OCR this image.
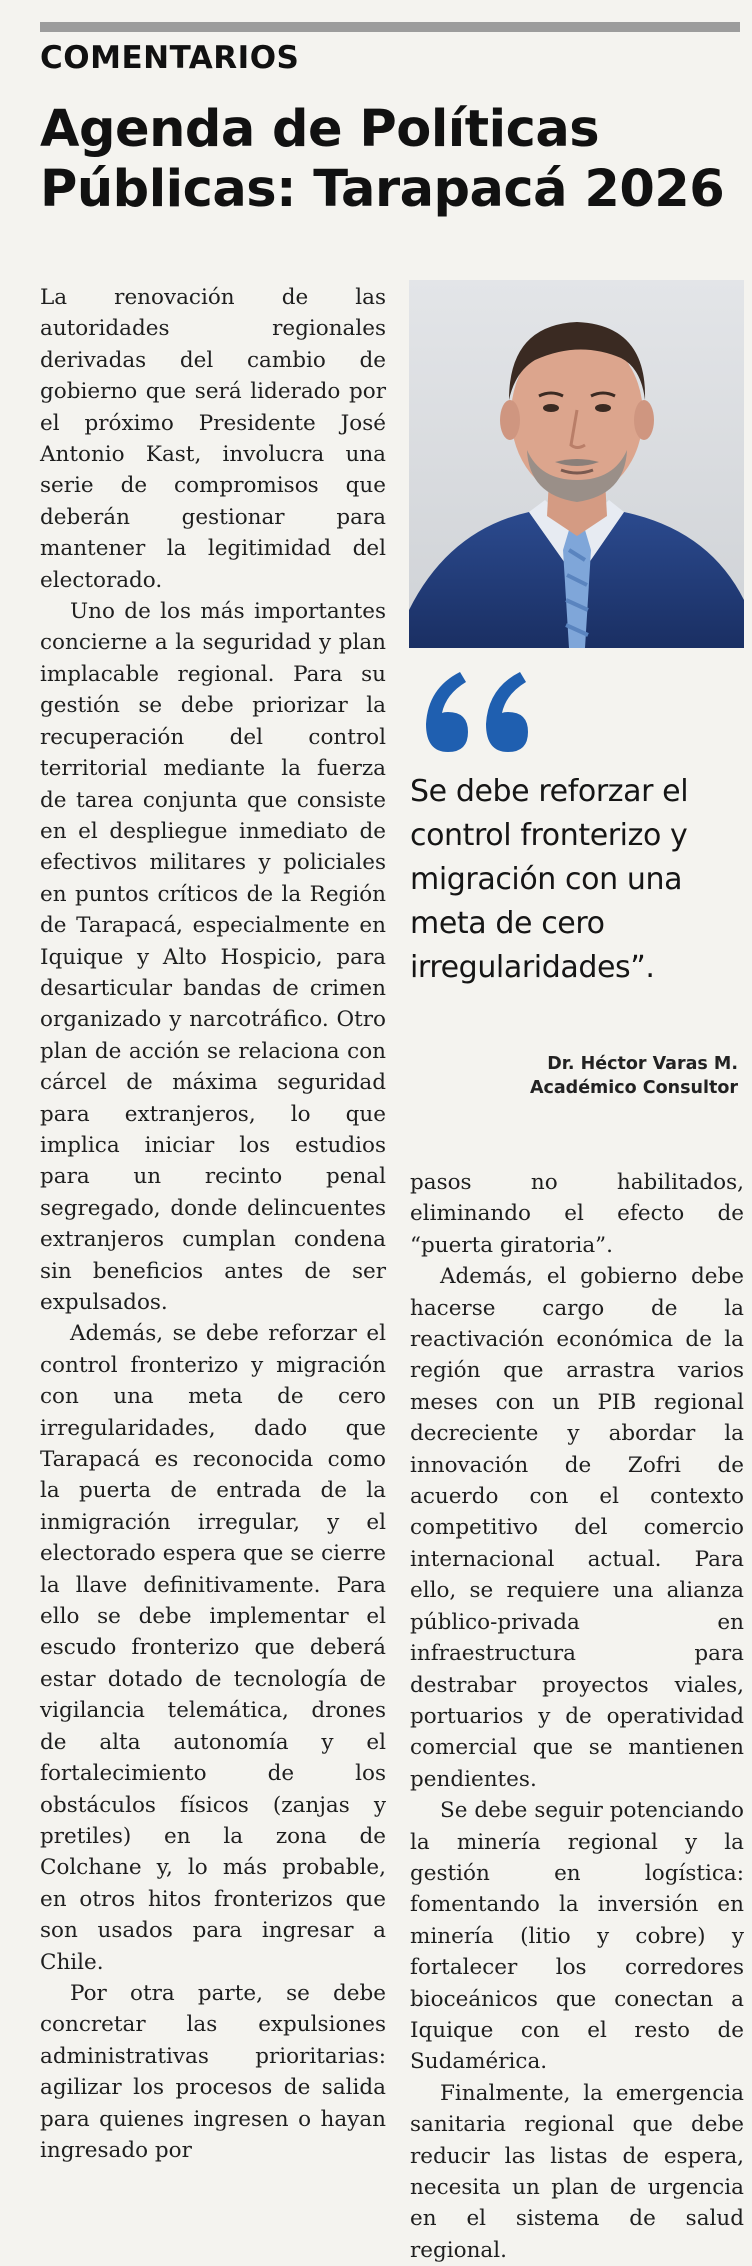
COMENTARIOS
Agenda de Políticas
Públicas: Tarapacá 2026

La renovación de las autoridades regionales derivadas del cambio de gobierno que será liderado por el próximo Presidente José Antonio Kast, involucra una serie de compromisos que deberán gestionar para mantener la legitimidad del electorado.

Uno de los más importantes concierne a la seguridad y plan implacable regional. Para su gestión se debe priorizar la recuperación del control territorial mediante la fuerza de tarea conjunta que consiste en el despliegue inmediato de efectivos militares y policiales en puntos críticos de la Región de Tarapacá, especialmente en Iquique y Alto Hospicio, para desarticular bandas de crimen organizado y narcotráfico. Otro plan de acción se relaciona con cárcel de máxima seguridad para extranjeros, lo que implica iniciar los estudios para un recinto penal segregado, donde delincuentes extranjeros cumplan condena sin beneficios antes de ser expulsados.

Además, se debe reforzar el control fronterizo y migración con una meta de cero irregularidades, dado que Tarapacá es reconocida como la puerta de entrada de la inmigración irregular, y el electorado espera que se cierre la llave definitivamente. Para ello se debe implementar el escudo fronterizo que deberá estar dotado de tecnología de vigilancia telemática, drones de alta autonomía y el fortalecimiento de los obstáculos físicos (zanjas y pretiles) en la zona de Colchane y, lo más probable, en otros hitos fronterizos que son usados para ingresar a Chile.

Por otra parte, se debe concretar las expulsiones administrativas prioritarias: agilizar los procesos de salida para quienes ingresen o hayan ingresado por

Se debe reforzar el control fronterizo y migración con una meta de cero irregularidades”.
Dr. Héctor Varas M.
Académico Consultor

pasos no habilitados, eliminando el efecto de “puerta giratoria”.

Además, el gobierno debe hacerse cargo de la reactivación económica de la región que arrastra varios meses con un PIB regional decreciente y abordar la innovación de Zofri de acuerdo con el contexto competitivo del comercio internacional actual. Para ello, se requiere una alianza público-privada en infraestructura para destrabar proyectos viales, portuarios y de operatividad comercial que se mantienen pendientes.

Se debe seguir potenciando la minería regional y la gestión en logística: fomentando la inversión en minería (litio y cobre) y fortalecer los corredores bioceánicos que conectan a Iquique con el resto de Sudamérica.

Finalmente, la emergencia sanitaria regional que debe reducir las listas de espera, necesita un plan de urgencia en el sistema de salud regional.
